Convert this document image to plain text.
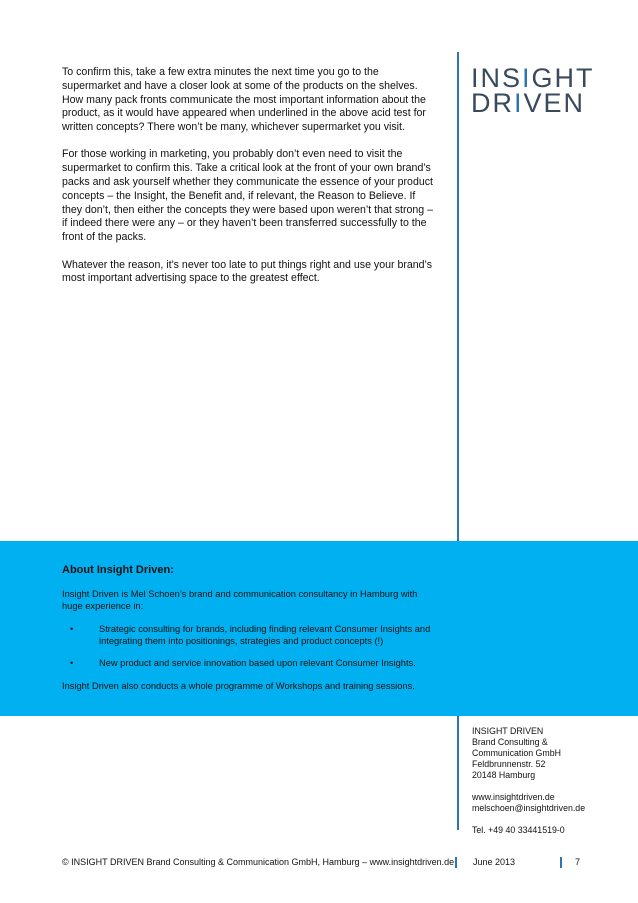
INSIGHT
DRIVEN

To confirm this, take a few extra minutes the next time you go to the supermarket and have a closer look at some of the products on the shelves. How many pack fronts communicate the most important information about the product, as it would have appeared when underlined in the above acid test for written concepts? There won’t be many, whichever supermarket you visit.

For those working in marketing, you probably don’t even need to visit the supermarket to confirm this. Take a critical look at the front of your own brand’s packs and ask yourself whether they communicate the essence of your product concepts – the Insight, the Benefit and, if relevant, the Reason to Believe. If they don’t, then either the concepts they were based upon weren’t that strong – if indeed there were any – or they haven’t been transferred successfully to the front of the packs.

Whatever the reason, it’s never too late to put things right and use your brand’s most important advertising space to the greatest effect.

About Insight Driven:

Insight Driven is Mel Schoen’s brand and communication consultancy in Hamburg with huge experience in:

•	Strategic consulting for brands, including finding relevant Consumer Insights and integrating them into positionings, strategies and product concepts (!)
•	New product and service innovation based upon relevant Consumer Insights.

Insight Driven also conducts a whole programme of Workshops and training sessions.

INSIGHT DRIVEN
Brand Consulting &
Communication GmbH
Feldbrunnenstr. 52
20148 Hamburg
www.insightdriven.de
melschoen@insightdriven.de
Tel. +49 40 33441519-0
© INSIGHT DRIVEN Brand Consulting & Communication GmbH, Hamburg – www.insightdriven.de June 2013	7
